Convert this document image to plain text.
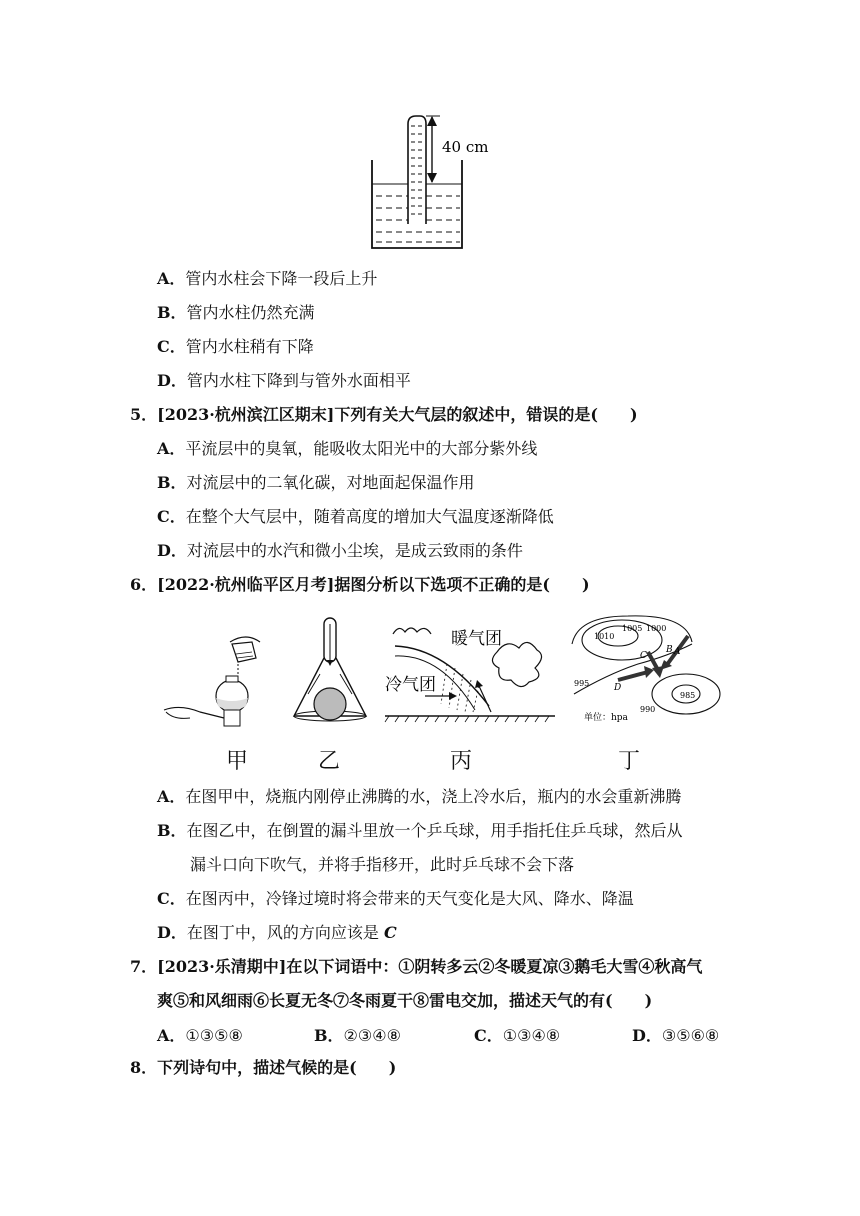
40 cm
A．管内水柱会下降一段后上升
B．管内水柱仍然充满
C．管内水柱稍有下降
D．管内水柱下降到与管外水面相平
5．[2023·杭州滨江区期末]下列有关大气层的叙述中，错误的是(　　)
A．平流层中的臭氧，能吸收太阳光中的大部分紫外线
B．对流层中的二氧化碳，对地面起保温作用
C．在整个大气层中，随着高度的增加大气温度逐渐降低
D．对流层中的水汽和微小尘埃，是成云致雨的条件
6．[2022·杭州临平区月考]据图分析以下选项不正确的是(　　)
暖气团
冷气团
1010
1005 1000
995
990
985
A
B
C
D
单位：hpa
甲	乙	丙	丁
A．在图甲中，烧瓶内刚停止沸腾的水，浇上冷水后，瓶内的水会重新沸腾
B．在图乙中，在倒置的漏斗里放一个乒乓球，用手指托住乒乓球，然后从
漏斗口向下吹气，并将手指移开，此时乒乓球不会下落
C．在图丙中，冷锋过境时将会带来的天气变化是大风、降水、降温
D．在图丁中，风的方向应该是 C
7．[2023·乐清期中]在以下词语中：①阴转多云②冬暖夏凉③鹅毛大雪④秋高气
爽⑤和风细雨⑥长夏无冬⑦冬雨夏干⑧雷电交加，描述天气的有(　　)
A．①③⑤⑧	B．②③④⑧	C．①③④⑧	D．③⑤⑥⑧
8．下列诗句中，描述气候的是(　　)
